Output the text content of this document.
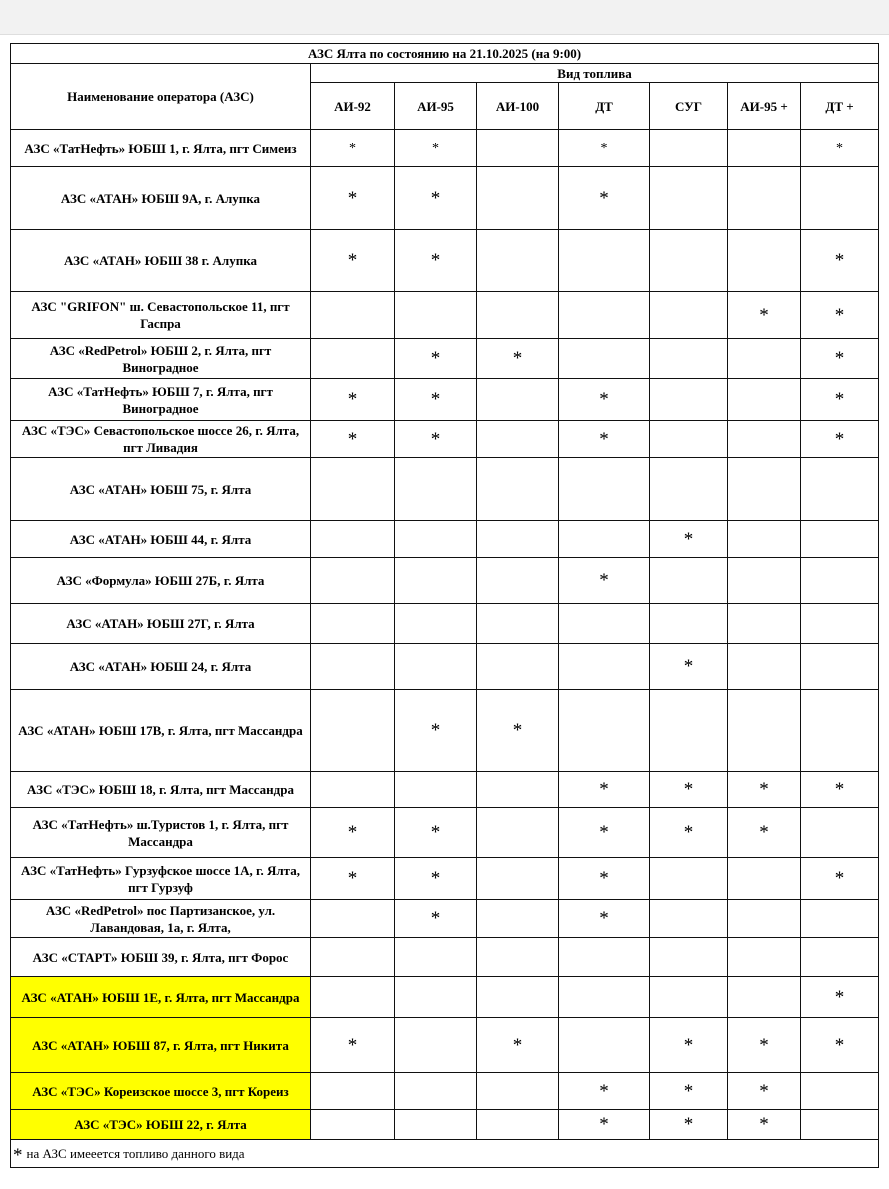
АЗС Ялта по состоянию на 21.10.2025 (на 9:00)							
Наименование оператора (АЗС)	Вид топлива						
	АИ-92	АИ-95	АИ-100	ДТ	СУГ	АИ-95 +	ДТ +
АЗС «ТатНефть» ЮБШ 1, г. Ялта, пгт Симеиз	*	*		*			*
АЗС «АТАН» ЮБШ 9А, г. Алупка	*	*		*			
АЗС «АТАН» ЮБШ 38 г. Алупка	*	*					*
АЗС "GRIFON" ш. Севастопольское 11, пгт Гаспра						*	*
АЗС «RedPetrol» ЮБШ 2, г. Ялта, пгт Виноградное		*	*				*
АЗС «ТатНефть» ЮБШ 7, г. Ялта, пгт Виноградное	*	*		*			*
АЗС «ТЭС» Севастопольское шоссе 26, г. Ялта, пгт Ливадия	*	*		*			*
АЗС «АТАН» ЮБШ 75, г. Ялта							
АЗС «АТАН» ЮБШ 44, г. Ялта					*		
АЗС «Формула» ЮБШ 27Б, г. Ялта				*			
АЗС «АТАН» ЮБШ 27Г, г. Ялта							
АЗС «АТАН» ЮБШ 24, г. Ялта					*		
АЗС «АТАН» ЮБШ 17В, г. Ялта, пгт Массандра		*	*				
АЗС «ТЭС» ЮБШ 18, г. Ялта, пгт Массандра				*	*	*	*
АЗС «ТатНефть» ш.Туристов 1, г. Ялта, пгт Массандра	*	*		*	*	*	
АЗС «ТатНефть» Гурзуфское шоссе 1А, г. Ялта, пгт Гурзуф	*	*		*			*
АЗС «RedPetrol» пос Партизанское, ул. Лавандовая, 1а, г. Ялта,		*		*			
АЗС «СТАРТ» ЮБШ 39, г. Ялта, пгт Форос							
АЗС «АТАН» ЮБШ 1Е, г. Ялта, пгт Массандра							*
АЗС «АТАН» ЮБШ 87, г. Ялта, пгт Никита	*		*		*	*	*
АЗС «ТЭС» Кореизское шоссе 3, пгт Кореиз				*	*	*	
АЗС «ТЭС» ЮБШ 22, г. Ялта				*	*	*	
* на АЗС имееется топливо данного вида							
